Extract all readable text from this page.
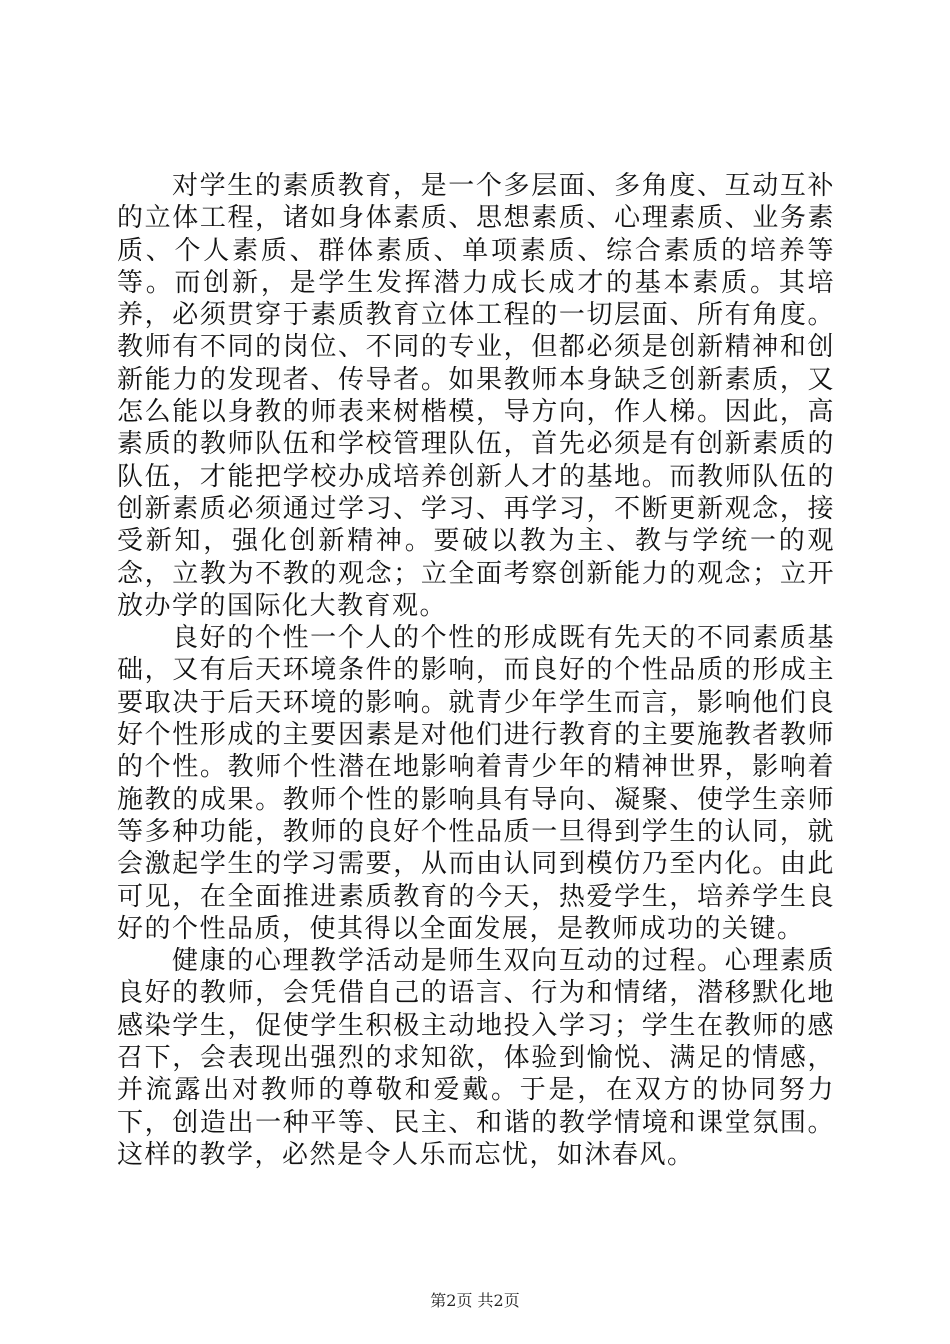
对学生的素质教育，是一个多层面、多角度、互动互补的立体工程，诸如身体素质、思想素质、心理素质、业务素质、个人素质、群体素质、单项素质、综合素质的培养等等。而创新，是学生发挥潜力成长成才的基本素质。其培养，必须贯穿于素质教育立体工程的一切层面、所有角度。教师有不同的岗位、不同的专业，但都必须是创新精神和创新能力的发现者、传导者。如果教师本身缺乏创新素质，又怎么能以身教的师表来树楷模，导方向，作人梯。因此，高素质的教师队伍和学校管理队伍，首先必须是有创新素质的队伍，才能把学校办成培养创新人才的基地。而教师队伍的创新素质必须通过学习、学习、再学习，不断更新观念，接受新知，强化创新精神。要破以教为主、教与学统一的观念，立教为不教的观念；立全面考察创新能力的观念；立开放办学的国际化大教育观。

良好的个性一个人的个性的形成既有先天的不同素质基础，又有后天环境条件的影响，而良好的个性品质的形成主要取决于后天环境的影响。就青少年学生而言，影响他们良好个性形成的主要因素是对他们进行教育的主要施教者教师的个性。教师个性潜在地影响着青少年的精神世界，影响着施教的成果。教师个性的影响具有导向、凝聚、使学生亲师等多种功能，教师的良好个性品质一旦得到学生的认同，就会激起学生的学习需要，从而由认同到模仿乃至内化。由此可见，在全面推进素质教育的今天，热爱学生，培养学生良好的个性品质，使其得以全面发展，是教师成功的关键。

健康的心理教学活动是师生双向互动的过程。心理素质良好的教师，会凭借自己的语言、行为和情绪，潜移默化地感染学生，促使学生积极主动地投入学习；学生在教师的感召下，会表现出强烈的求知欲，体验到愉悦、满足的情感，并流露出对教师的尊敬和爱戴。于是，在双方的协同努力下，创造出一种平等、民主、和谐的教学情境和课堂氛围。这样的教学，必然是令人乐而忘忧，如沐春风。

第2页 共2页
